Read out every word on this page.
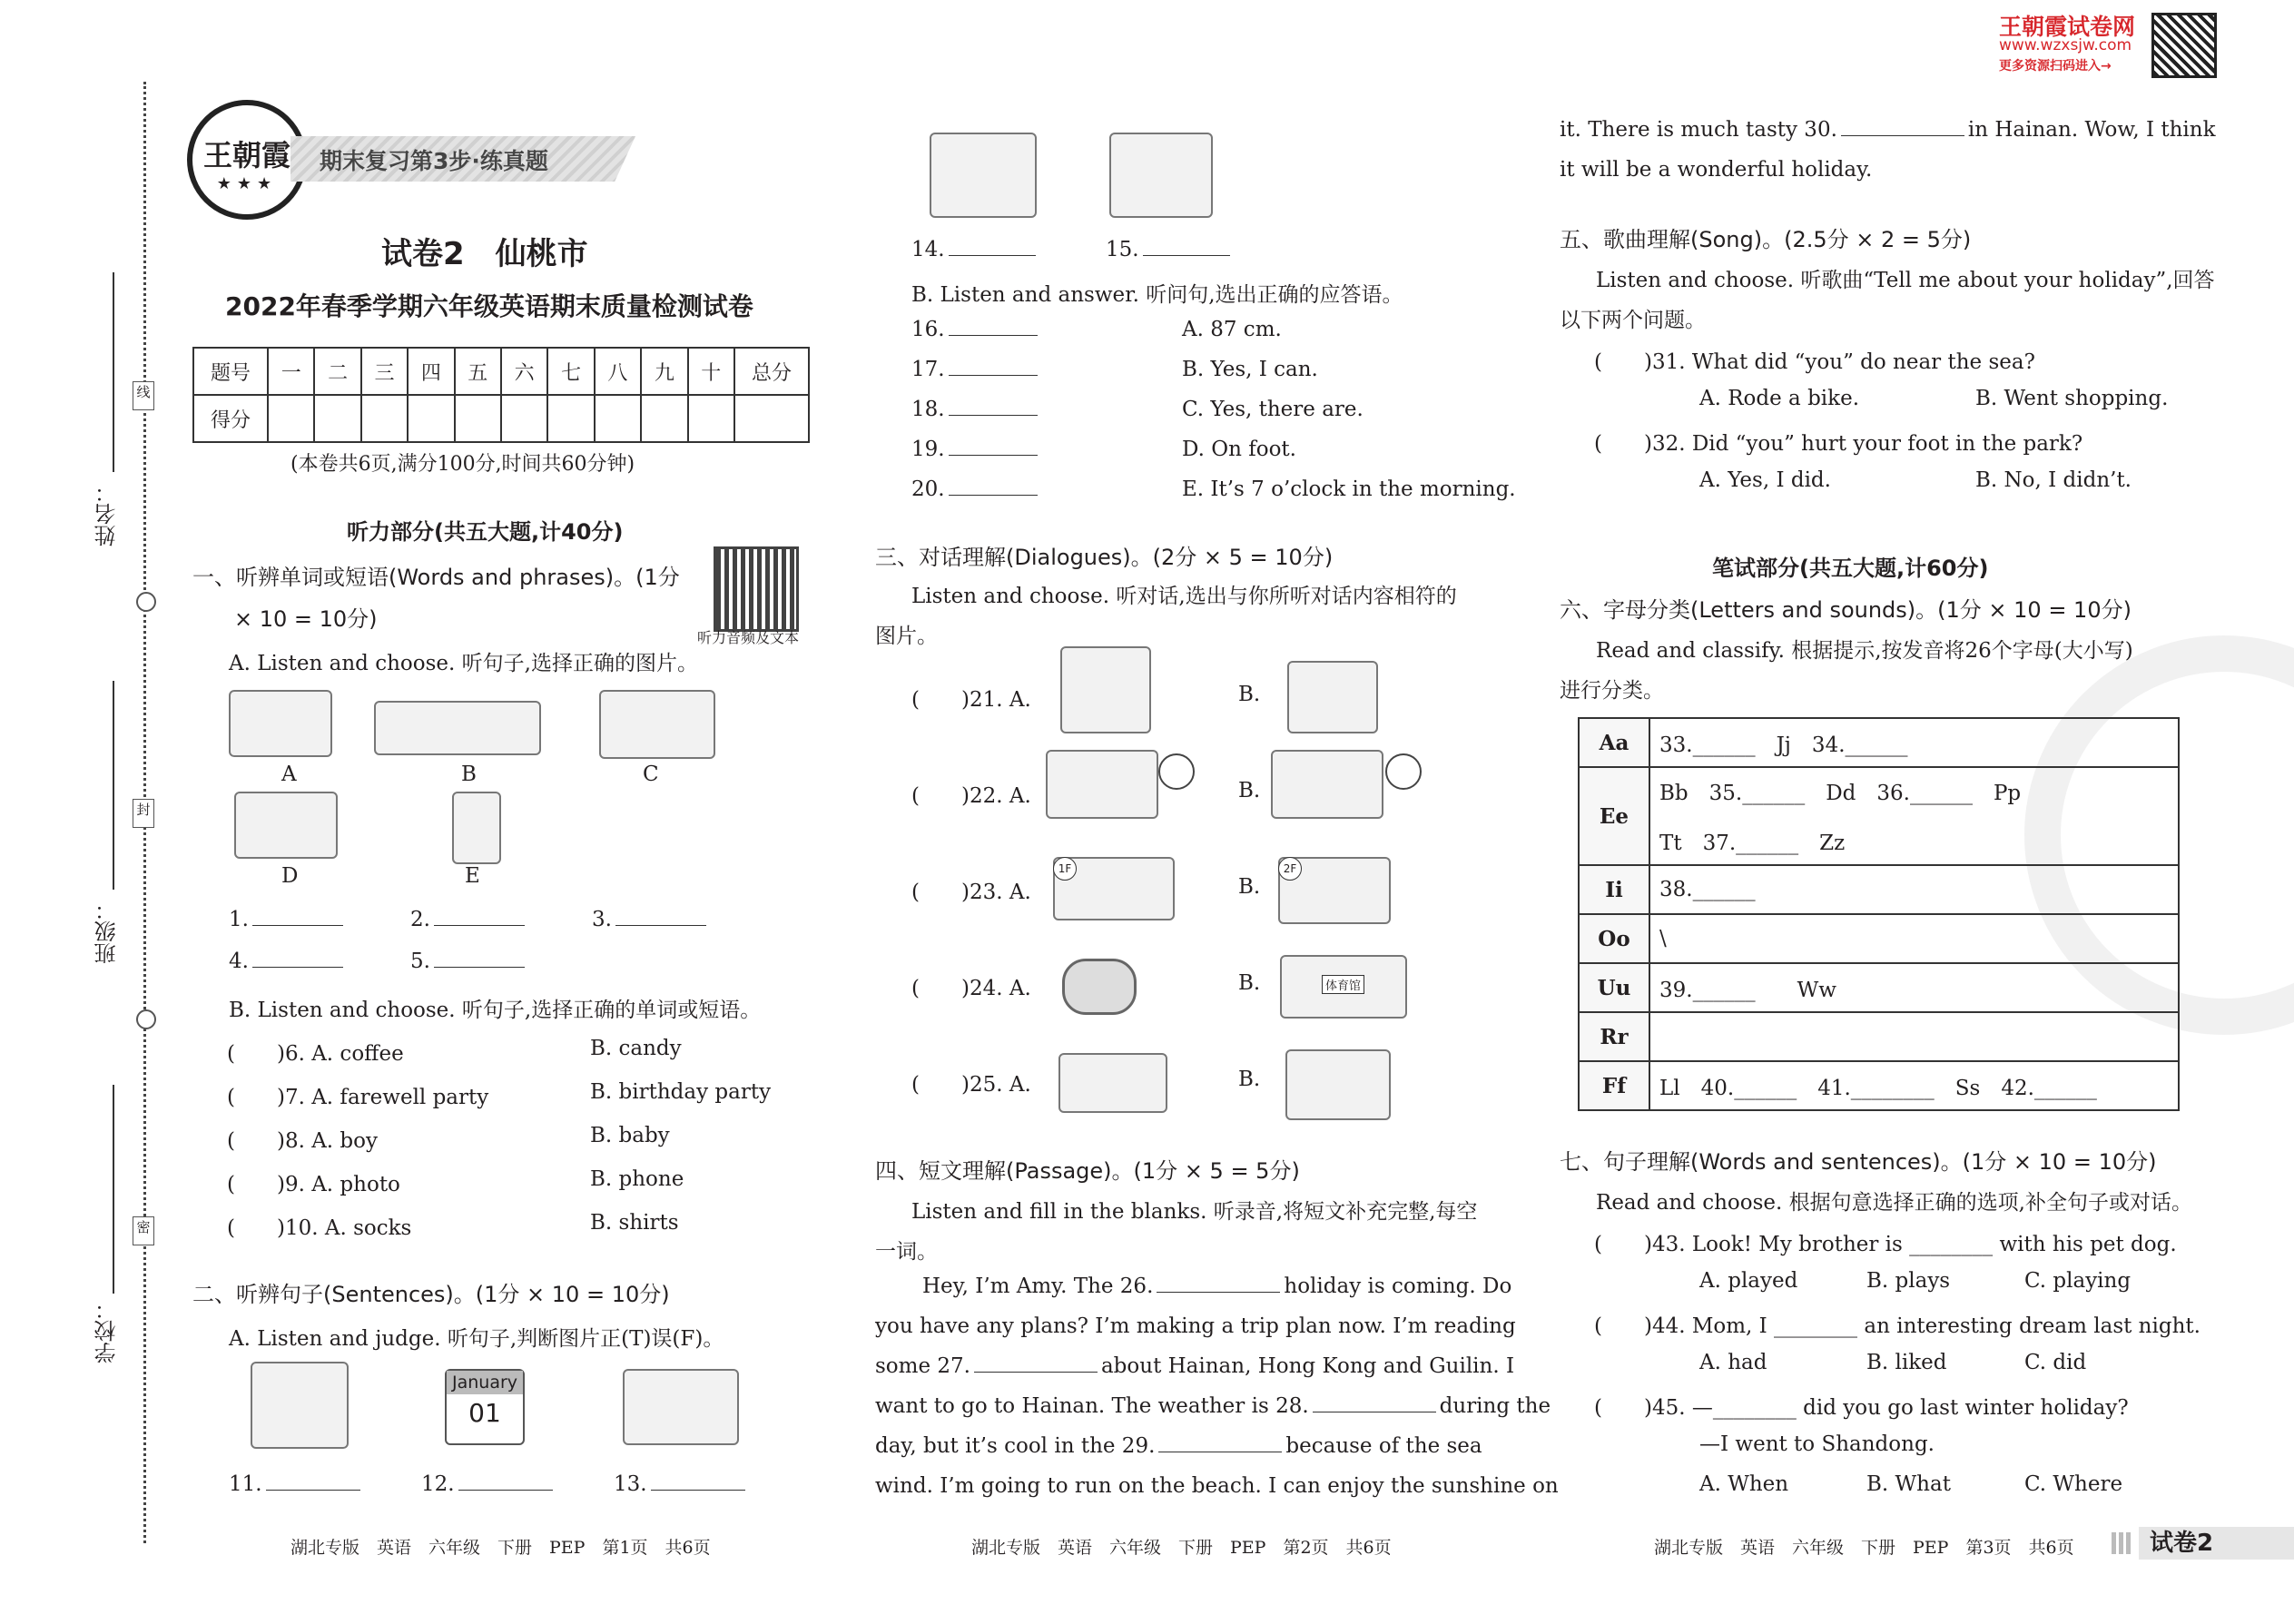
姓名：
班级：
学校：
线
封
密
王朝霞试卷网
www.wzxsjw.com
更多资源扫码进入→
王朝霞
★★★
期末复习第3步·练真题
试卷2　仙桃市
2022年春季学期六年级英语期末质量检测试卷
题号	一	二	三	四	五	六	七	八	九	十	总分
得分											
(本卷共6页,满分100分,时间共60分钟)
听力部分(共五大题,计40分)
一、听辨单词或短语(Words and phrases)。(1分
× 10 = 10分)
听力音频及文本
A. Listen and choose. 听句子,选择正确的图片。
A	B	C
D	E
1.	2.	3.
4.	5.
B. Listen and choose. 听句子,选择正确的单词或短语。
(　　)6. A. coffee	B. candy
(　　)7. A. farewell party	B. birthday party
(　　)8. A. boy	B. baby
(　　)9. A. photo	B. phone
(　　)10. A. socks	B. shirts
二、听辨句子(Sentences)。(1分 × 10 = 10分)
A. Listen and judge. 听句子,判断图片正(T)误(F)。
January
01
11.	12.	13.
湖北专版　英语　六年级　下册　PEP　第1页　共6页
14.	15.
B. Listen and answer. 听问句,选出正确的应答语。
16.	A. 87 cm.
17.	B. Yes, I can.
18.	C. Yes, there are.
19.	D. On foot.
20.	E. It’s 7 o’clock in the morning.
三、对话理解(Dialogues)。(2分 × 5 = 10分)
Listen and choose. 听对话,选出与你所听对话内容相符的
图片。
(　　)21. A.	B.
(　　)22. A.	B.
(　　)23. A.
1F
B.
2F
(　　)24. A.	B.	体育馆
(　　)25. A.	B.
四、短文理解(Passage)。(1分 × 5 = 5分)
Listen and fill in the blanks. 听录音,将短文补充完整,每空
一词。
Hey, I’m Amy. The 26.	holiday is coming. Do
you have any plans? I’m making a trip plan now. I’m reading
some 27.	about Hainan, Hong Kong and Guilin. I
want to go to Hainan. The weather is 28.	during the
day, but it’s cool in the 29.	because of the sea
wind. I’m going to run on the beach. I can enjoy the sunshine on
湖北专版　英语　六年级　下册　PEP　第2页　共6页
it. There is much tasty 30.	in Hainan. Wow, I think
it will be a wonderful holiday.
五、歌曲理解(Song)。(2.5分 × 2 = 5分)
Listen and choose. 听歌曲“Tell me about your holiday”,回答
以下两个问题。
(　　)31. What did “you” do near the sea?
A. Rode a bike.	B. Went shopping.
(　　)32. Did “you” hurt your foot in the park?
A. Yes, I did.	B. No, I didn’t.
笔试部分(共五大题,计60分)
六、字母分类(Letters and sounds)。(1分 × 10 = 10分)
Read and classify. 根据提示,按发音将26个字母(大小写)
进行分类。
Aa	33.______　Jj　34.______
Ee	Bb　35.______　Dd　36.______　Pp
Tt　37.______　Zz

Ii	38.______
Oo	\
Uu	39.______　　Ww
Rr	
Ff	Ll　40.______　41.________　Ss　42.______
七、句子理解(Words and sentences)。(1分 × 10 = 10分)
Read and choose. 根据句意选择正确的选项,补全句子或对话。
(　　)43. Look! My brother is ________ with his pet dog.
A. played	B. plays	C. playing
(　　)44. Mom, I ________ an interesting dream last night.
A. had	B. liked	C. did
(　　)45. —________ did you go last winter holiday?
—I went to Shandong.
A. When	B. What	C. Where
湖北专版　英语　六年级　下册　PEP　第3页　共6页	试卷2
